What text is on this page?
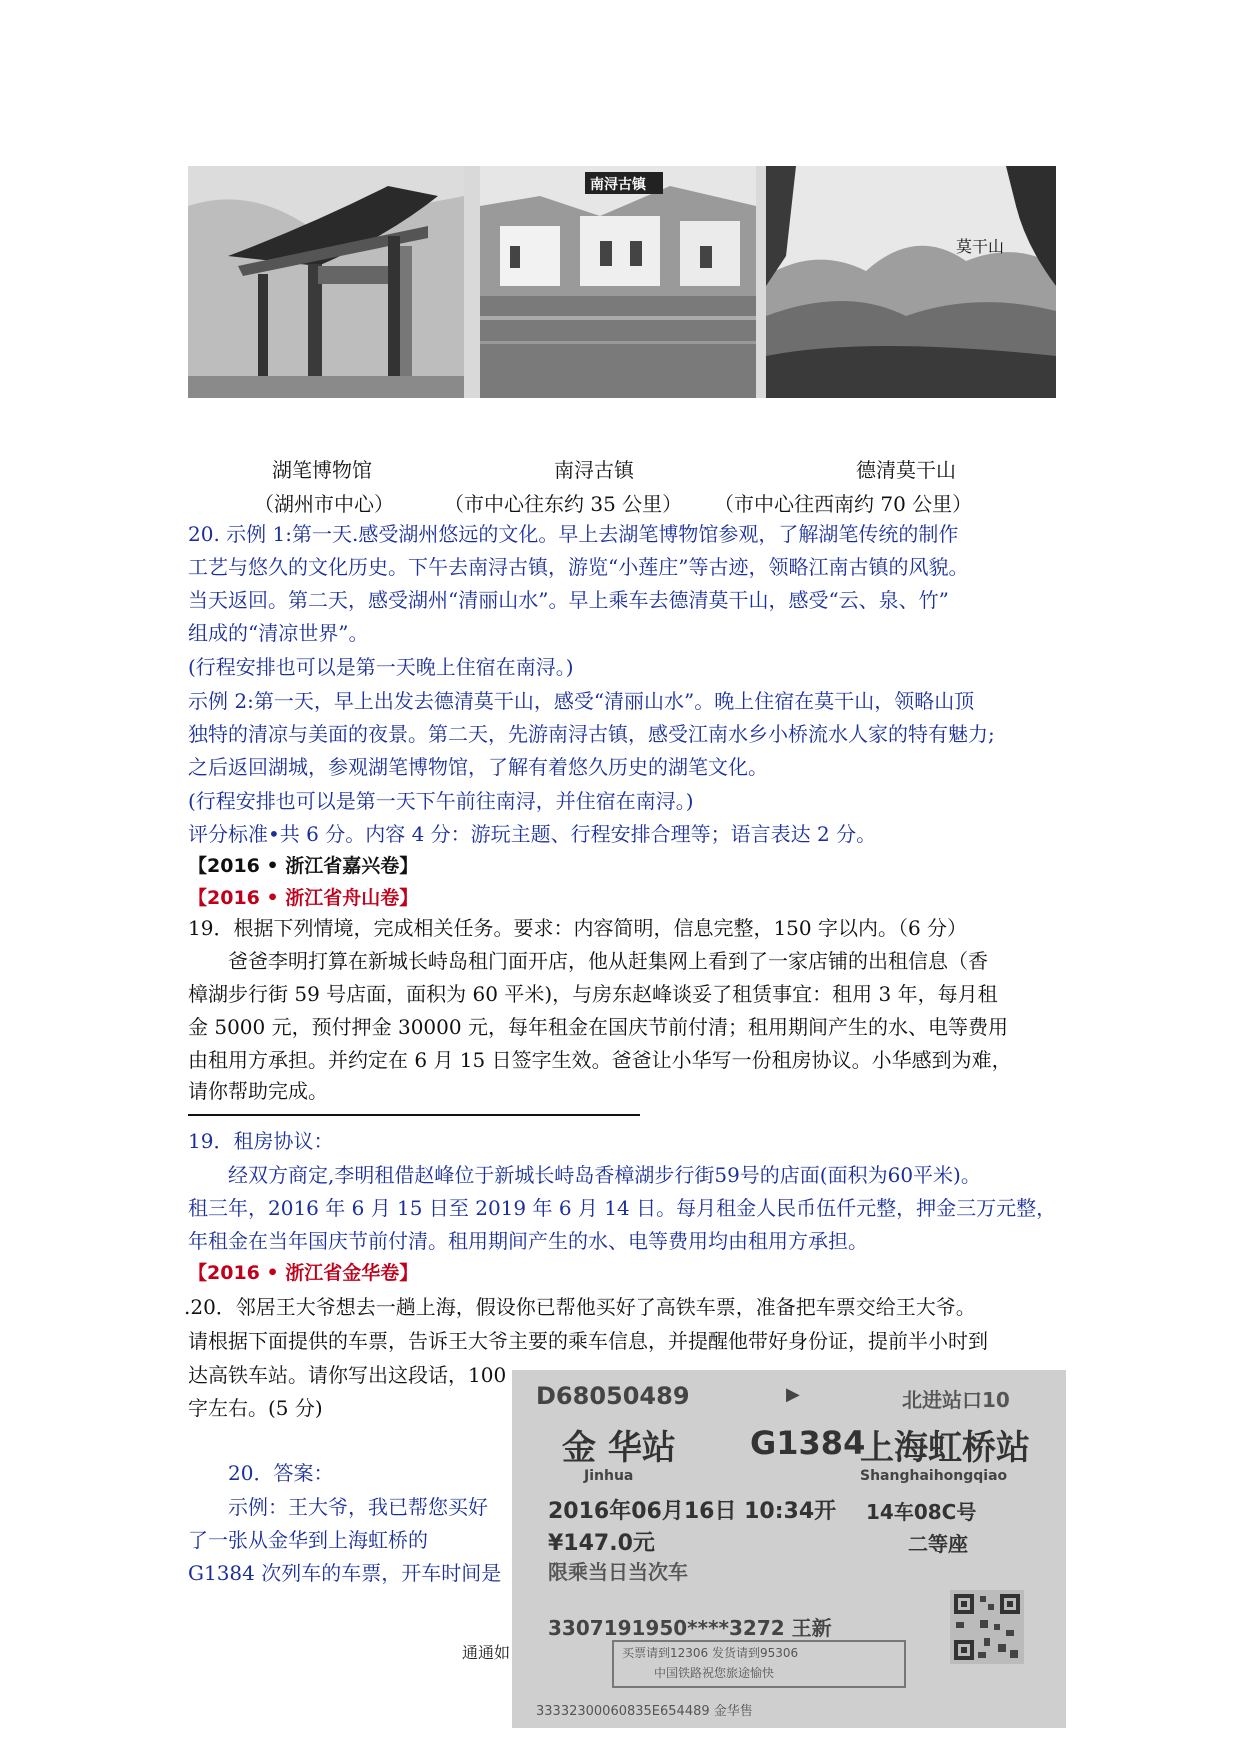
南浔古镇
莫干山
湖笔博物馆	南浔古镇	德清莫干山
（湖州市中心）	（市中心往东约 35 公里） （市中心往西南约 70 公里）
20. 示例 1:第一天.感受湖州悠远的文化。早上去湖笔博物馆参观，了解湖笔传统的制作
工艺与悠久的文化历史。下午去南浔古镇，游览“小莲庄”等古迹，领略江南古镇的风貌。
当天返回。第二天，感受湖州“清丽山水”。早上乘车去德清莫干山，感受“云、泉、竹”
组成的“清凉世界”。
(行程安排也可以是第一天晚上住宿在南浔。)
示例 2:第一天，早上出发去德清莫干山，感受“清丽山水”。晚上住宿在莫干山，领略山顶
独特的清凉与美面的夜景。第二天，先游南浔古镇，感受江南水乡小桥流水人家的特有魅力;
之后返回湖城，参观湖笔博物馆，了解有着悠久历史的湖笔文化。
(行程安排也可以是第一天下午前往南浔，并住宿在南浔。)
评分标准•共 6 分。内容 4 分：游玩主题、行程安排合理等；语言表达 2 分。
【2016 • 浙江省嘉兴卷】
【2016 • 浙江省舟山卷】
19．根据下列情境，完成相关任务。要求：内容简明，信息完整，150 字以内。（6 分）
爸爸李明打算在新城长峙岛租门面开店，他从赶集网上看到了一家店铺的出租信息（香
樟湖步行街 59 号店面，面积为 60 平米)，与房东赵峰谈妥了租赁事宜：租用 3 年，每月租
金 5000 元，预付押金 30000 元，每年租金在国庆节前付清；租用期间产生的水、电等费用
由租用方承担。并约定在 6 月 15 日签字生效。爸爸让小华写一份租房协议。小华感到为难，
请你帮助完成。
19．租房协议：
经双方商定,李明租借赵峰位于新城长峙岛香樟湖步行街59号的店面(面积为60平米)。
租三年，2016 年 6 月 15 日至 2019 年 6 月 14 日。每月租金人民币伍仟元整，押金三万元整，
年租金在当年国庆节前付清。租用期间产生的水、电等费用均由租用方承担。
【2016 • 浙江省金华卷】
.20．邻居王大爷想去一趟上海，假设你已帮他买好了高铁车票，准备把车票交给王大爷。
请根据下面提供的车票，告诉王大爷主要的乘车信息，并提醒他带好身份证，提前半小时到
达高铁车站。请你写出这段话，100
字左右。(5 分)
20．答案：
示例：王大爷，我已帮您买好
了一张从金华到上海虹桥的
G1384 次列车的车票，开车时间是
D68050489	▶	北进站口10
金 华站 G1384
上海虹桥站
Jinhua	Shanghaihongqiao
2016年06月16日 10:34开 14车08C号
¥147.0元	二等座
限乘当日当次车
3307191950****3272 王新
买票请到12306 发货请到95306
中国铁路祝您旅途愉快
33332300060835E654489 金华售
通通如
